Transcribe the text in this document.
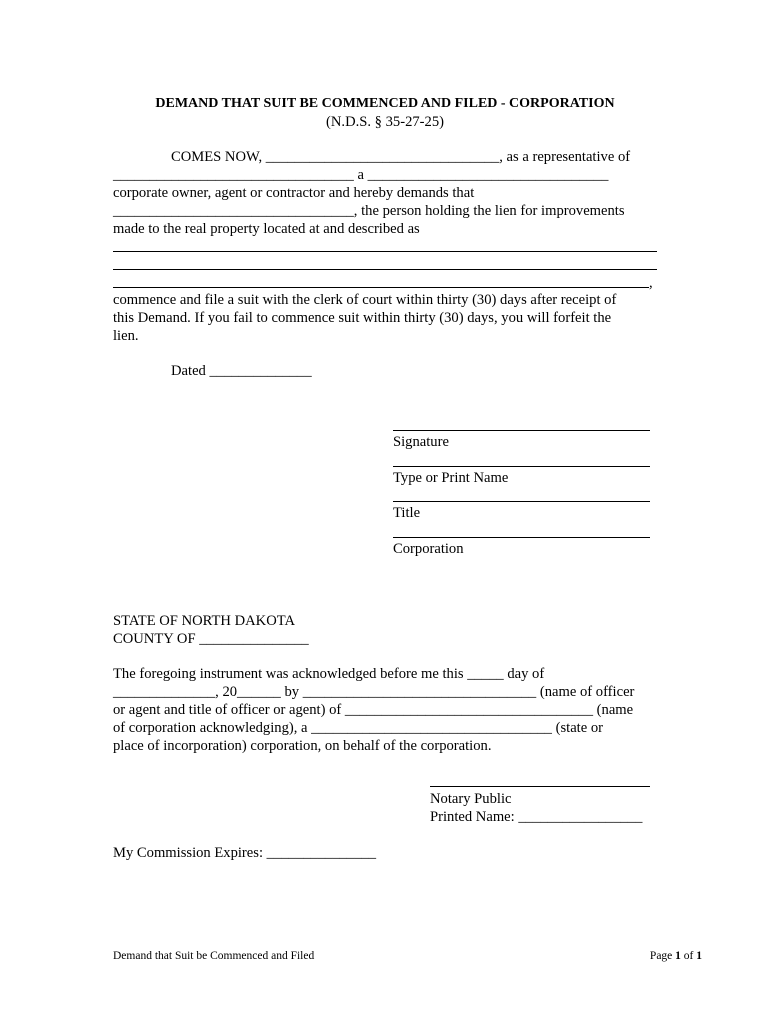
DEMAND THAT SUIT BE COMMENCED AND FILED - CORPORATION

(N.D.S. § 35-27-25)

COMES NOW, ________________________________, as a representative of

_________________________________ a _________________________________

corporate owner, agent or contractor and hereby demands that

_________________________________, the person holding the lien for improvements

made to the real property located at and described as

,

commence and file a suit with the clerk of court within thirty (30) days after receipt of

this Demand. If you fail to commence suit within thirty (30) days, you will forfeit the

lien.

Dated ______________

Signature

Type or Print Name

Title

Corporation

STATE OF NORTH DAKOTA

COUNTY OF _______________

The foregoing instrument was acknowledged before me this _____ day of

______________, 20______ by ________________________________ (name of officer

or agent and title of officer or agent) of __________________________________ (name

of corporation acknowledging), a _________________________________ (state or

place of incorporation) corporation, on behalf of the corporation.

Notary Public

Printed Name: _________________

My Commission Expires: _______________

Demand that Suit be Commenced and Filed	Page 1 of 1
